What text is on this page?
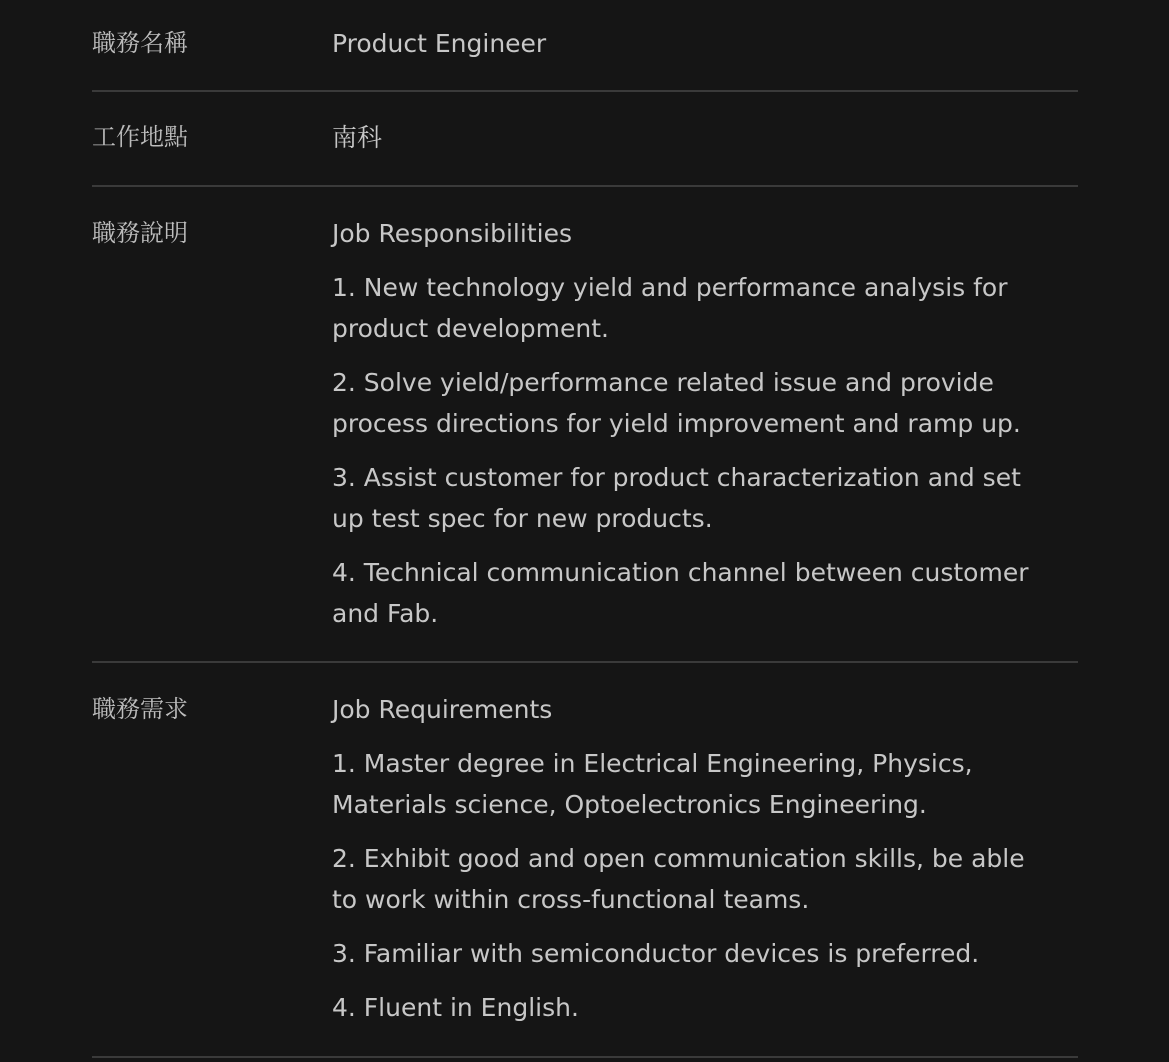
職務名稱	Product Engineer
工作地點	南科
職務說明	Job Responsibilities

1. New technology yield and performance analysis for product development.

2. Solve yield/performance related issue and provide process directions for yield improvement and ramp up.

3. Assist customer for product characterization and set up test spec for new products.

4. Technical communication channel between customer and Fab.

職務需求	Job Requirements

1. Master degree in Electrical Engineering, Physics, Materials science, Optoelectronics Engineering.

2. Exhibit good and open communication skills, be able to work within cross-functional teams.

3. Familiar with semiconductor devices is preferred.

4. Fluent in English.
